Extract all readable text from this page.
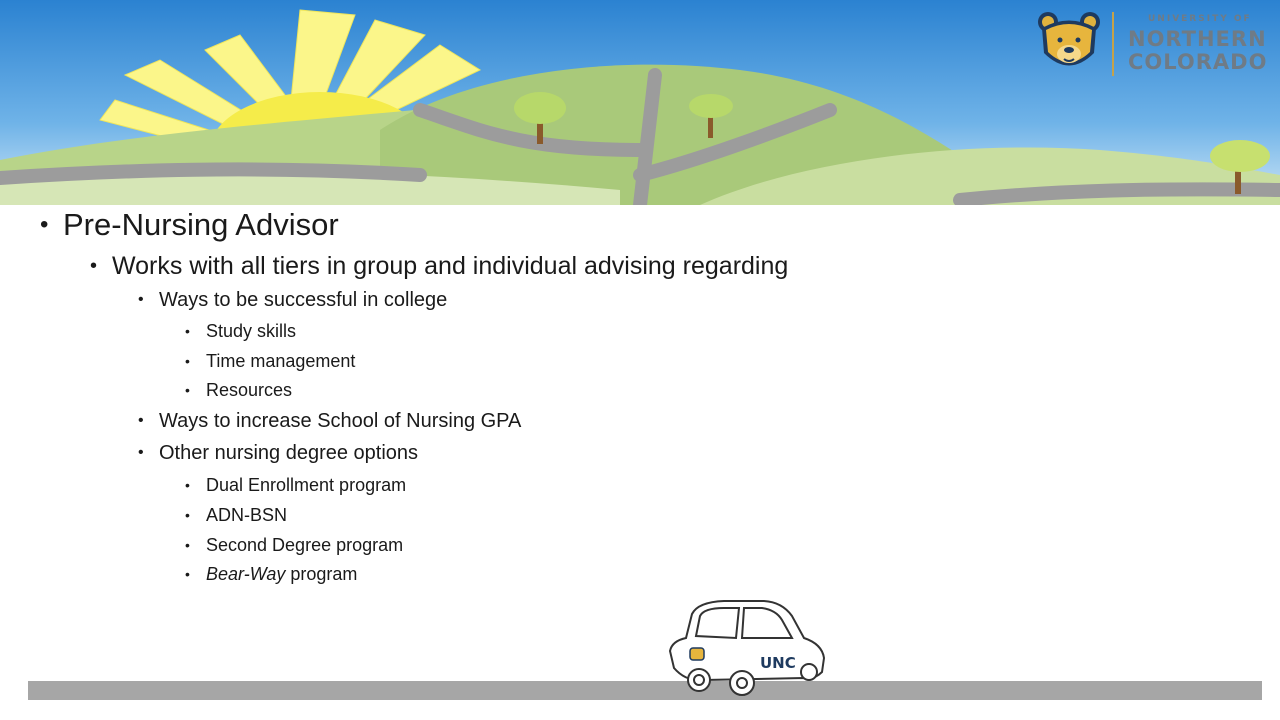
UNIVERSITY OF
NORTHERN
COLORADO
• Pre-Nursing Advisor
• Works with all tiers in group and individual advising regarding
• Ways to be successful in college
• Study skills
• Time management
• Resources
• Ways to increase School of Nursing GPA
• Other nursing degree options
• Dual Enrollment program
• ADN-BSN
• Second Degree program
• Bear-Way program
UNC
